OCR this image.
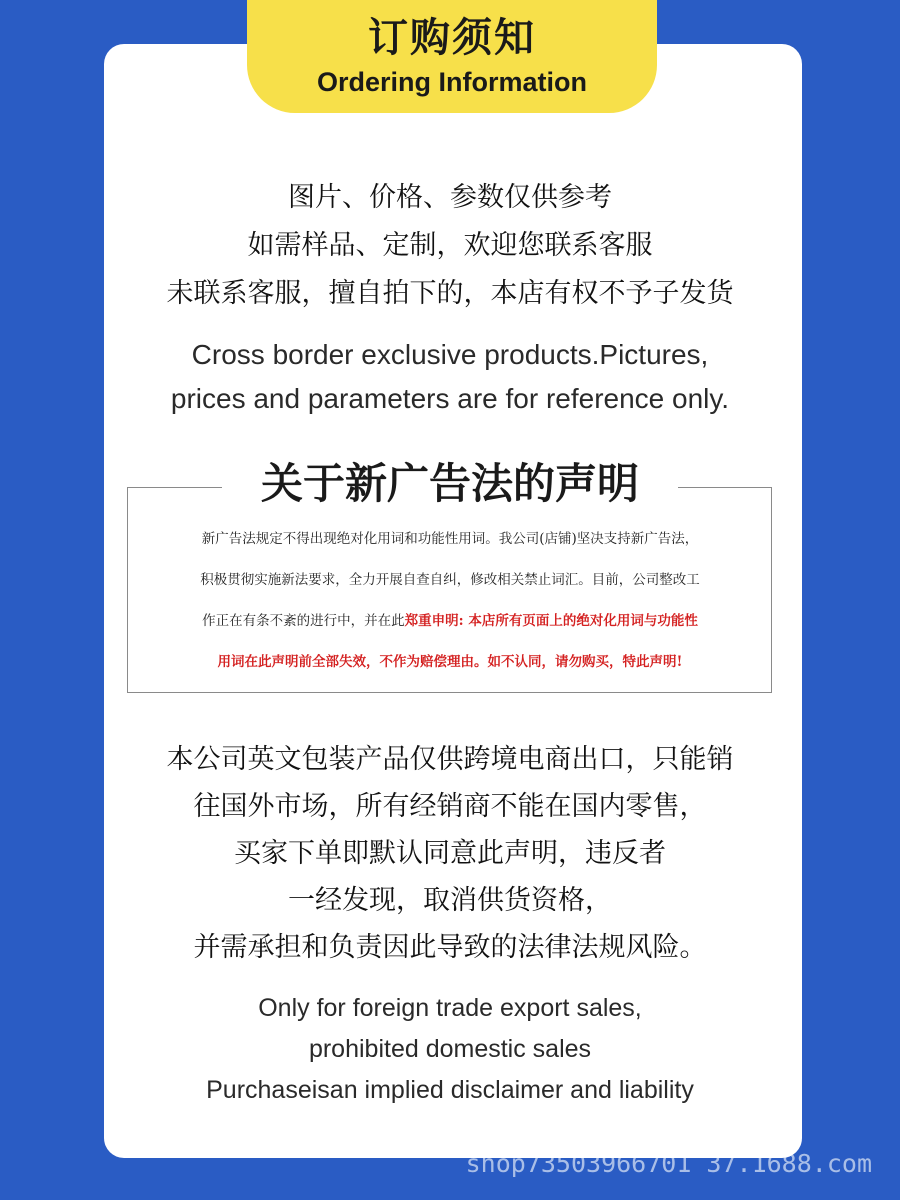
订购须知
Ordering Information
图片、价格、参数仅供参考
如需样品、定制，欢迎您联系客服
未联系客服，擅自拍下的，本店有权不予子发货
Cross border exclusive products.Pictures,
prices and parameters are for reference only.
关于新广告法的声明
新广告法规定不得出现绝对化用词和功能性用词。我公司(店铺)坚决支持新广告法，
积极贯彻实施新法要求，全力开展自查自纠，修改相关禁止词汇。目前，公司整改工
作正在有条不紊的进行中，并在此郑重申明: 本店所有页面上的绝对化用词与功能性
用词在此声明前全部失效，不作为赔偿理由。如不认同，请勿购买，特此声明!
本公司英文包装产品仅供跨境电商出口，只能销
往国外市场，所有经销商不能在国内零售，
买家下单即默认同意此声明，违反者
一经发现，取消供货资格，
并需承担和负责因此导致的法律法规风险。
Only for foreign trade export sales,
prohibited domestic sales
Purchaseisan implied disclaimer and liability
shop73503966701 37.1688.com
